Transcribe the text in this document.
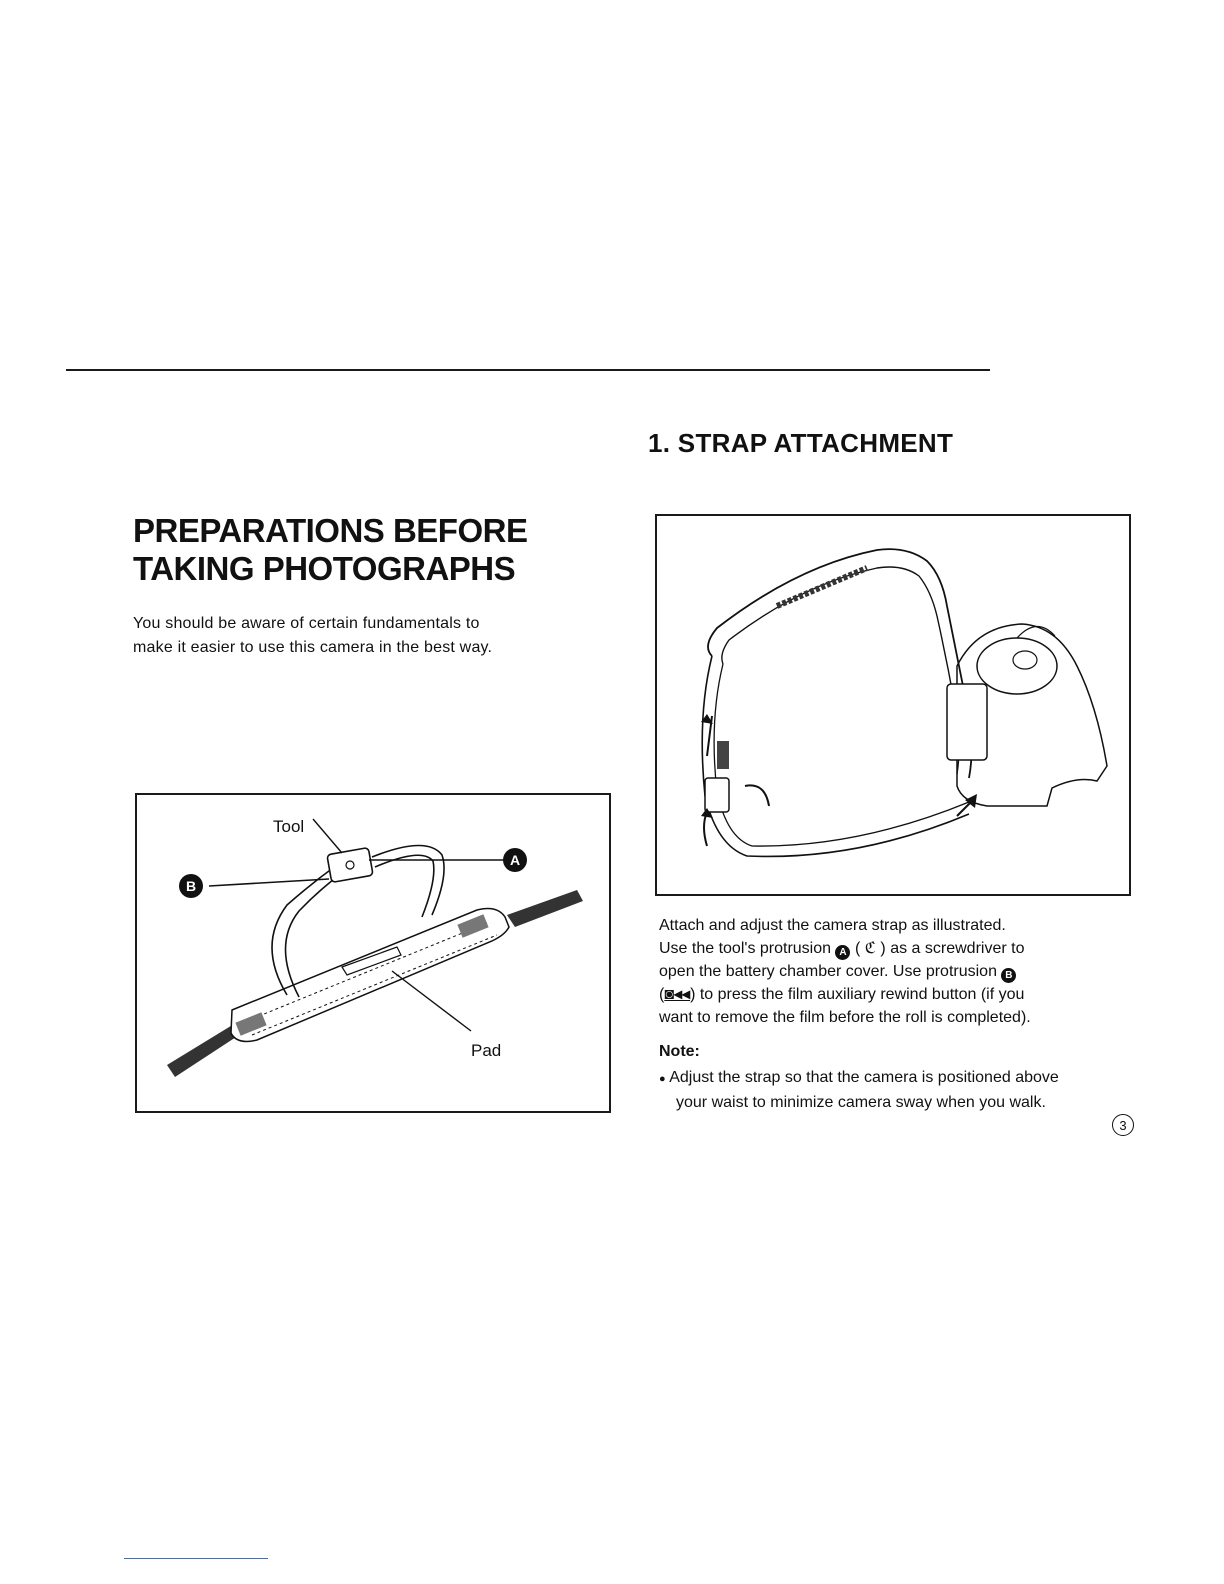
PREPARATIONS BEFORE
TAKING PHOTOGRAPHS
You should be aware of certain fundamentals to
make it easier to use this camera in the best way.
Tool
Pad
A
B
1. STRAP ATTACHMENT
Attach and adjust the camera strap as illustrated.
Use the tool's protrusion A ( ℭ ) as a screwdriver to
open the battery chamber cover. Use protrusion B
(◙◂◂) to press the film auxiliary rewind button (if you
want to remove the film before the roll is completed).
Note:
● Adjust the strap so that the camera is positioned above
your waist to minimize camera sway when you walk.
3
